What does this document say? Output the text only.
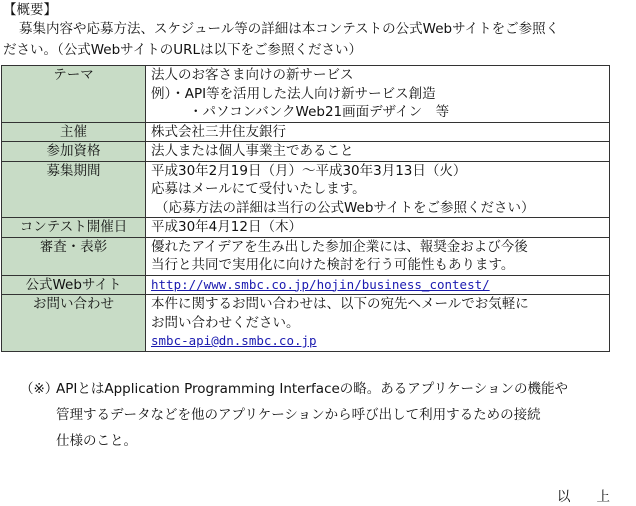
【概要】
募集内容や応募方法、スケジュール等の詳細は本コンテストの公式Webサイトをご参照く
ださい。（公式WebサイトのURLは以下をご参照ください）
テーマ	法人のお客さま向けの新サービス
例）・API等を活用した法人向け新サービス創造
・パソコンバンクWeb21画面デザイン　等

主催	株式会社三井住友銀行
参加資格	法人または個人事業主であること
募集期間	平成30年2月19日（月）～平成30年3月13日（火）
応募はメールにて受付いたします。
（応募方法の詳細は当行の公式Webサイトをご参照ください）

コンテスト開催日	平成30年4月12日（木）
審査・表彰	優れたアイデアを生み出した参加企業には、報奨金および今後
当行と共同で実用化に向けた検討を行う可能性もあります。

公式Webサイト	http://www.smbc.co.jp/hojin/business_contest/
お問い合わせ	本件に関するお問い合わせは、以下の宛先へメールでお気軽に
お問い合わせください。
smbc-api@dn.smbc.co.jp
（※）APIとはApplication Programming Interfaceの略。あるアプリケーションの機能や
管理するデータなどを他のアプリケーションから呼び出して利用するための接続
仕様のこと。
以上
